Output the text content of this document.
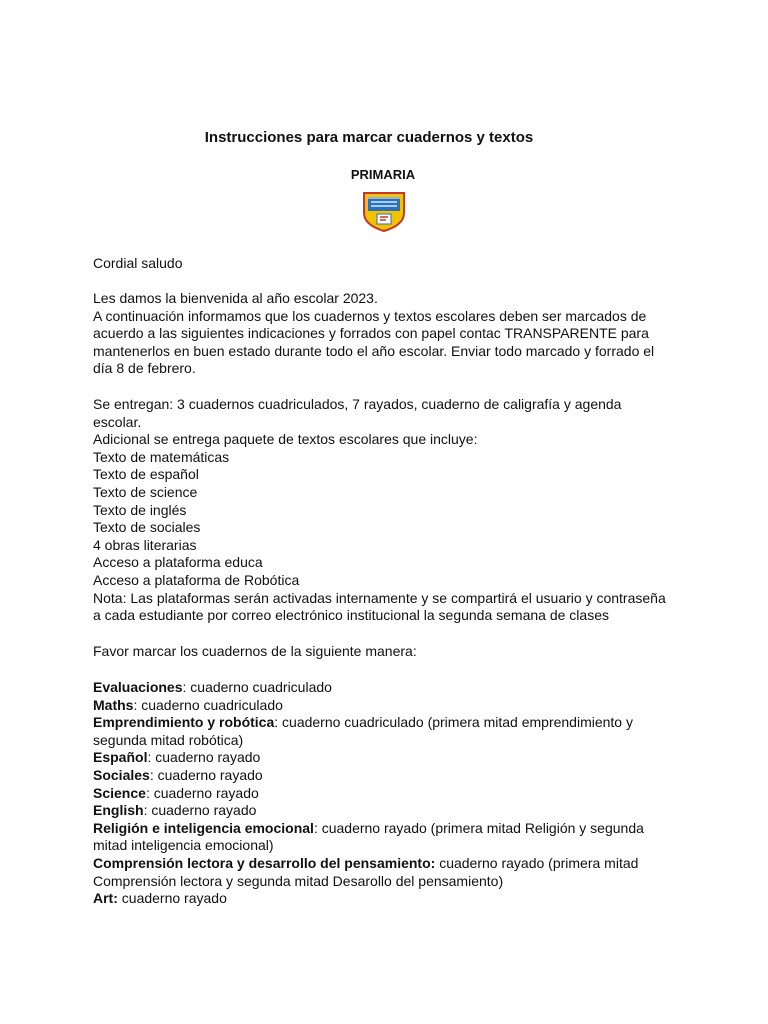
Instrucciones para marcar cuadernos y textos
PRIMARIA
Cordial saludo
Les damos la bienvenida al año escolar 2023.
A continuación informamos que los cuadernos y textos escolares deben ser marcados de
acuerdo a las siguientes indicaciones y forrados con papel contac TRANSPARENTE para
mantenerlos en buen estado durante todo el año escolar. Enviar todo marcado y forrado el
día 8 de febrero.
Se entregan: 3 cuadernos cuadriculados, 7 rayados, cuaderno de caligrafía y agenda
escolar.
Adicional se entrega paquete de textos escolares que incluye:
Texto de matemáticas
Texto de español
Texto de science
Texto de inglés
Texto de sociales
4 obras literarias
Acceso a plataforma educa
Acceso a plataforma de Robótica
Nota: Las plataformas serán activadas internamente y se compartirá el usuario y contraseña
a cada estudiante por correo electrónico institucional la segunda semana de clases
Favor marcar los cuadernos de la siguiente manera:
Evaluaciones: cuaderno cuadriculado
Maths: cuaderno cuadriculado
Emprendimiento y robótica: cuaderno cuadriculado (primera mitad emprendimiento y
segunda mitad robótica)
Español: cuaderno rayado
Sociales: cuaderno rayado
Science: cuaderno rayado
English: cuaderno rayado
Religión e inteligencia emocional: cuaderno rayado (primera mitad Religión y segunda
mitad inteligencia emocional)
Comprensión lectora y desarrollo del pensamiento: cuaderno rayado (primera mitad
Comprensión lectora y segunda mitad Desarollo del pensamiento)
Art: cuaderno rayado
